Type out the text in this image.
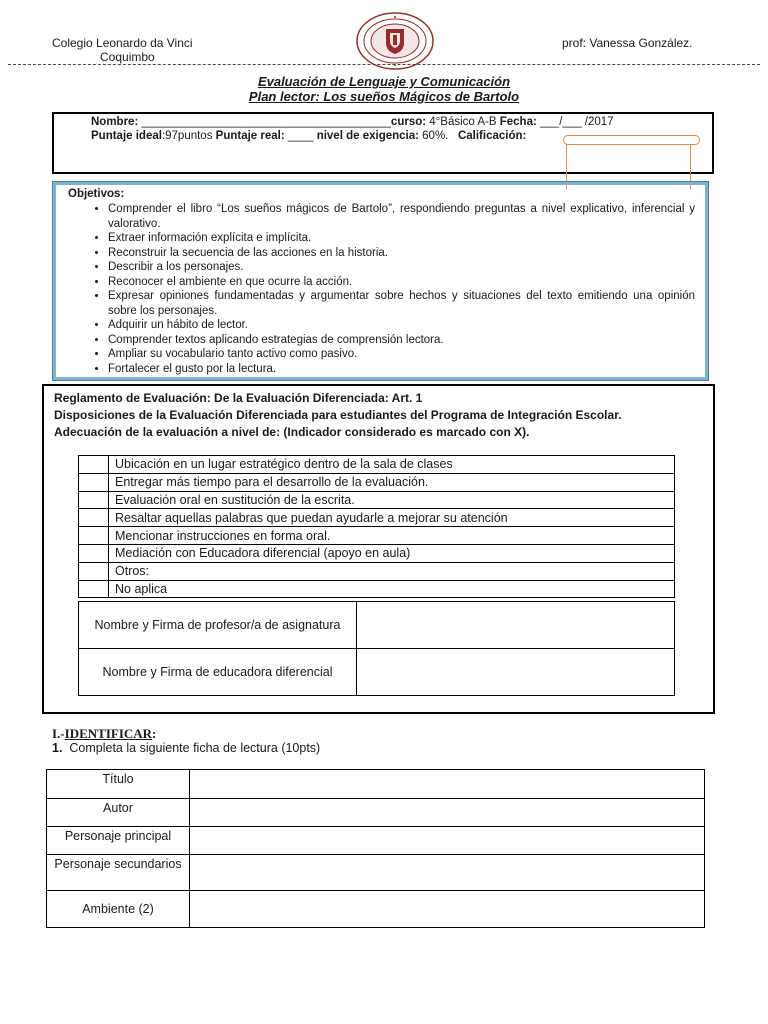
Colegio Leonardo da Vinci
Coquimbo
prof: Vanessa González.
Evaluación de Lenguaje y Comunicación
Plan lector: Los sueños Mágicos de Bartolo
Nombre: _______________________________________curso: 4°Básico A-B Fecha: ___/___ /2017
Puntaje ideal:97puntos Puntaje real: ____ nivel de exigencia: 60%. Calificación:
Objetivos:
• Comprender el libro “Los sueños mágicos de Bartolo”, respondiendo preguntas a nivel explicativo, inferencial y valorativo.
• Extraer información explícita e implícita.
• Reconstruir la secuencia de las acciones en la historia.
• Describir a los personajes.
• Reconocer el ambiente en que ocurre la acción.
• Expresar opiniones fundamentadas y argumentar sobre hechos y situaciones del texto emitiendo una opinión sobre los personajes.
• Adquirir un hábito de lector.
• Comprender textos aplicando estrategias de comprensión lectora.
• Ampliar su vocabulario tanto activo como pasivo.
• Fortalecer el gusto por la lectura.

Reglamento de Evaluación: De la Evaluación Diferenciada: Art. 1

Disposiciones de la Evaluación Diferenciada para estudiantes del Programa de Integración Escolar.

Adecuación de la evaluación a nivel de: (Indicador considerado es marcado con X).

	Ubicación en un lugar estratégico dentro de la sala de clases
	Entregar más tiempo para el desarrollo de la evaluación.
	Evaluación oral en sustitución de la escrita.
	Resaltar aquellas palabras que puedan ayudarle a mejorar su atención
	Mencionar instrucciones en forma oral.
	Mediación con Educadora diferencial (apoyo en aula)
	Otros:
	No aplica
Nombre y Firma de profesor/a de asignatura	
Nombre y Firma de educadora diferencial	
I.-IDENTIFICAR:
1. Completa la siguiente ficha de lectura (10pts)
Título	
Autor	
Personaje principal	
Personaje secundarios	
Ambiente (2)	
